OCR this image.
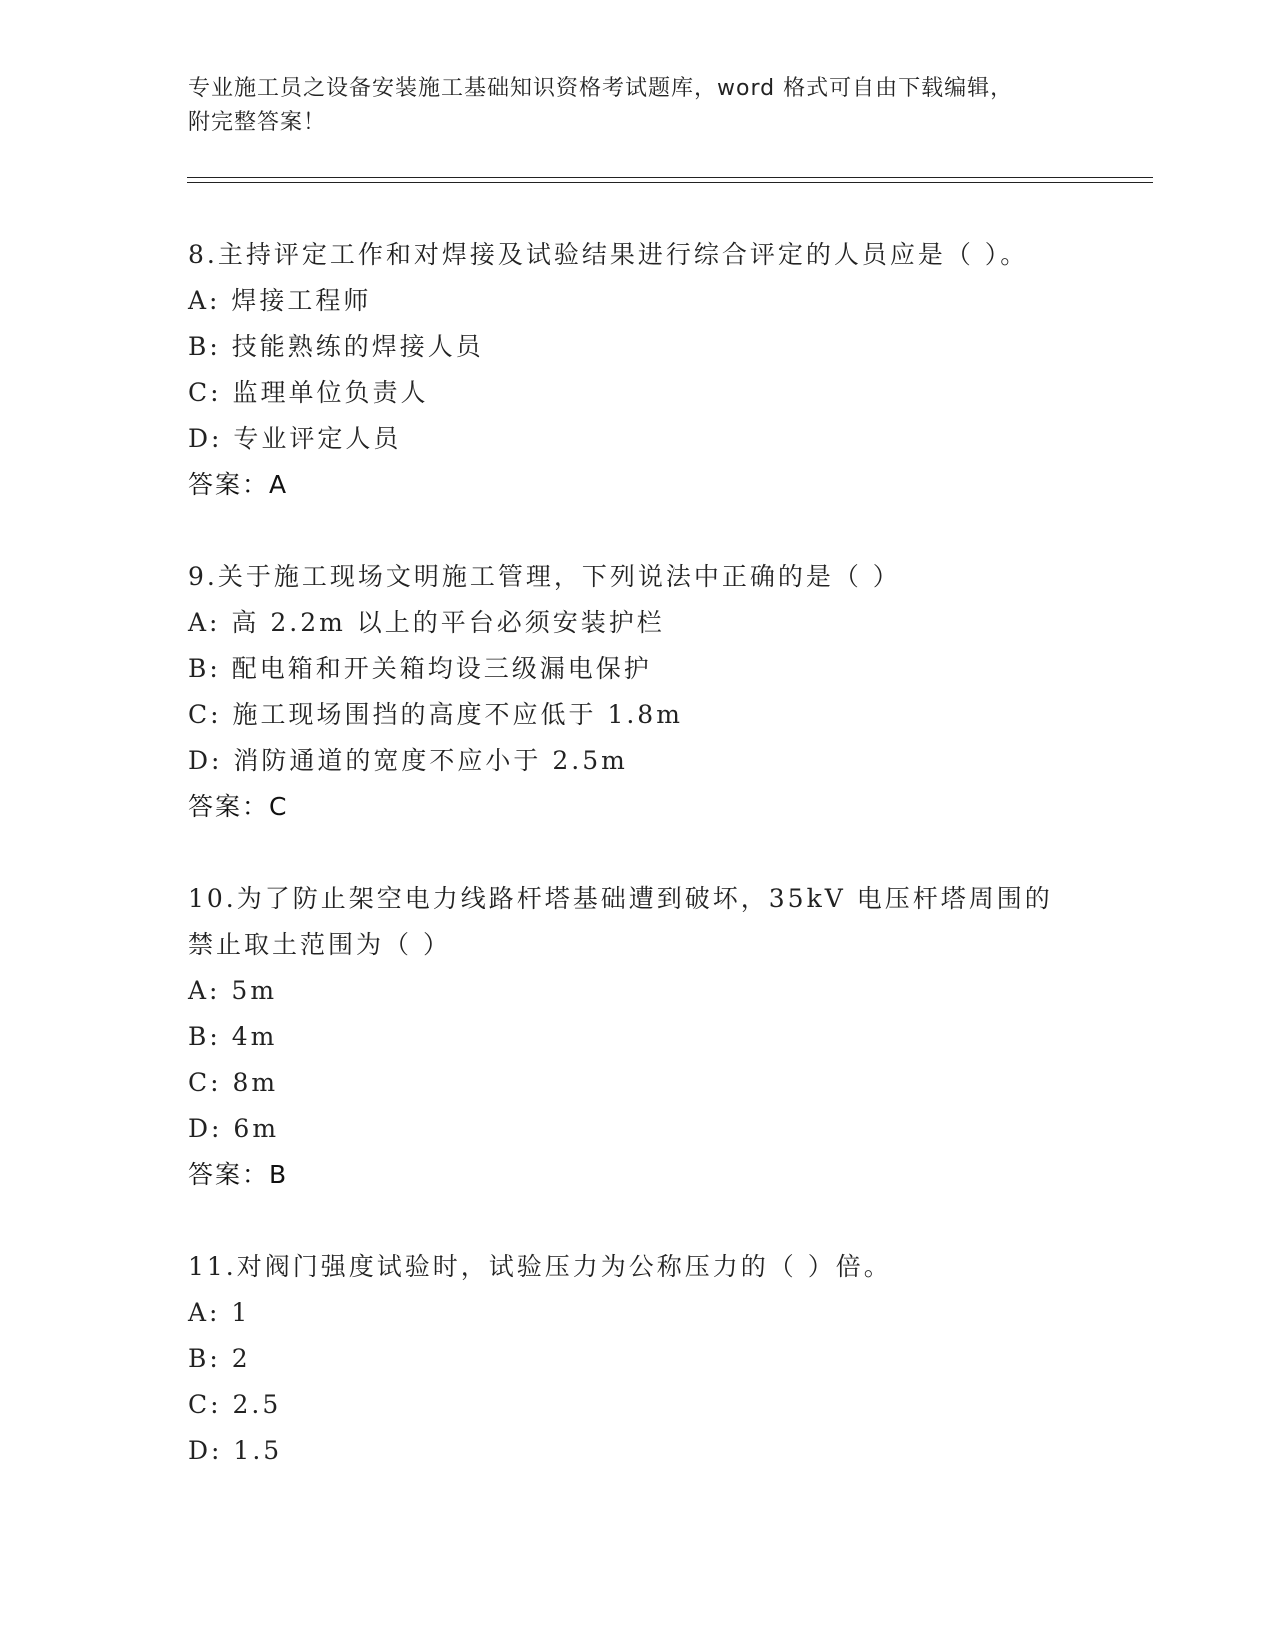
专业施工员之设备安装施工基础知识资格考试题库，word 格式可自由下载编辑，
附完整答案！

8.主持评定工作和对焊接及试验结果进行综合评定的人员应是（ ）。

A: 焊接工程师
B: 技能熟练的焊接人员
C: 监理单位负责人
D: 专业评定人员
答案：A

9.关于施工现场文明施工管理，下列说法中正确的是（ ）

A: 高 2.2m 以上的平台必须安装护栏
B: 配电箱和开关箱均设三级漏电保护
C: 施工现场围挡的高度不应低于 1.8m
D: 消防通道的宽度不应小于 2.5m
答案：C

10.为了防止架空电力线路杆塔基础遭到破坏，35kV 电压杆塔周围的禁止取土范围为（ ）

A: 5m
B: 4m
C: 8m
D: 6m
答案：B

11.对阀门强度试验时，试验压力为公称压力的（ ）倍。

A: 1
B: 2
C: 2.5
D: 1.5
